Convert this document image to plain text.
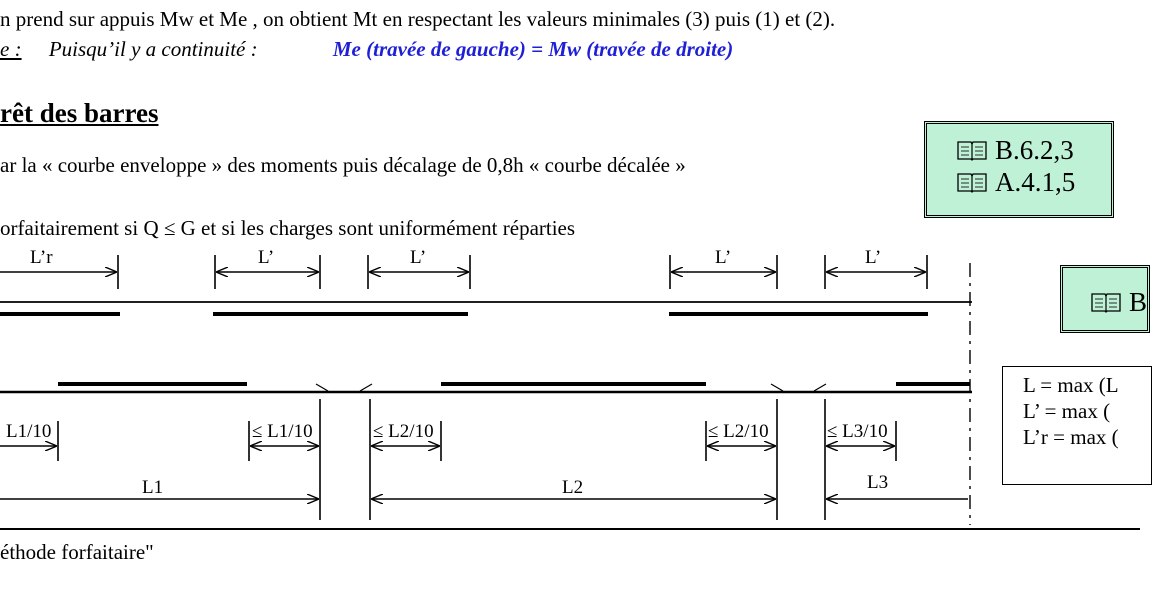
n prend sur appuis Mw et Me , on obtient Mt en respectant les valeurs minimales (3) puis (1) et (2).
e : Puisqu’il y a continuité :	Me (travée de gauche) = Mw (travée de droite)
rêt des barres
ar la « courbe enveloppe » des moments puis décalage de 0,8h « courbe décalée »
orfaitairement si Q ≤ G et si les charges sont uniformément réparties
B.6.2,3
A.4.1,5
B
L = max (L
L’ = max (
L’r = max (
L’r	L’	L’	L’	L’
L1/10	≤ L1/10	≤ L2/10	≤ L2/10	≤ L3/10
L1	L2	L3
éthode forfaitaire"
